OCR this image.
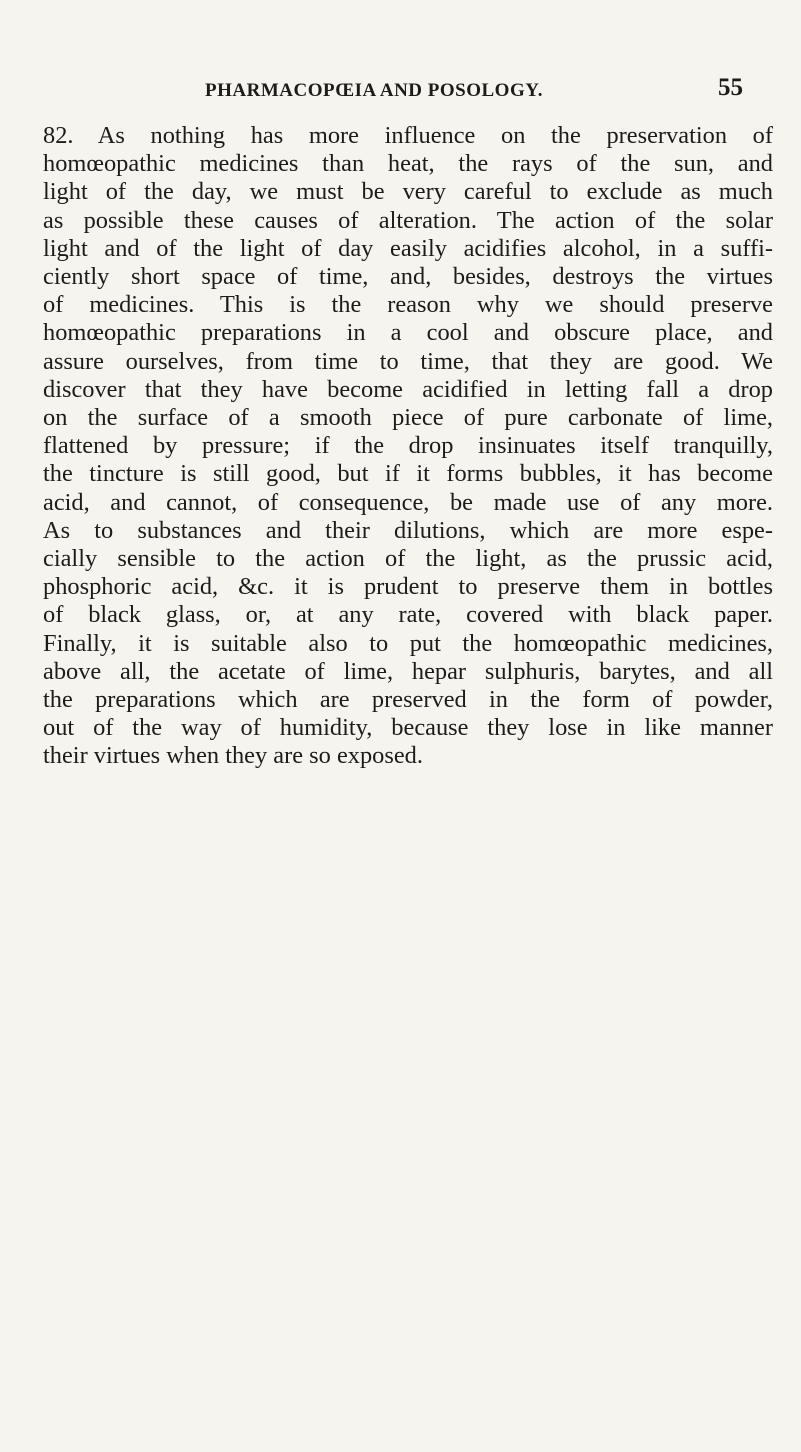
PHARMACOPŒIA AND POSOLOGY.	55
82. As nothing has more influence on the preservation of
homœopathic medicines than heat, the rays of the sun, and
light of the day, we must be very careful to exclude as much
as possible these causes of alteration. The action of the solar
light and of the light of day easily acidifies alcohol, in a suffi-
ciently short space of time, and, besides, destroys the virtues
of medicines. This is the reason why we should preserve
homœopathic preparations in a cool and obscure place, and
assure ourselves, from time to time, that they are good. We
discover that they have become acidified in letting fall a drop
on the surface of a smooth piece of pure carbonate of lime,
flattened by pressure; if the drop insinuates itself tranquilly,
the tincture is still good, but if it forms bubbles, it has become
acid, and cannot, of consequence, be made use of any more.
As to substances and their dilutions, which are more espe-
cially sensible to the action of the light, as the prussic acid,
phosphoric acid, &c. it is prudent to preserve them in bottles
of black glass, or, at any rate, covered with black paper.
Finally, it is suitable also to put the homœopathic medicines,
above all, the acetate of lime, hepar sulphuris, barytes, and all
the preparations which are preserved in the form of powder,
out of the way of humidity, because they lose in like manner
their virtues when they are so exposed.
